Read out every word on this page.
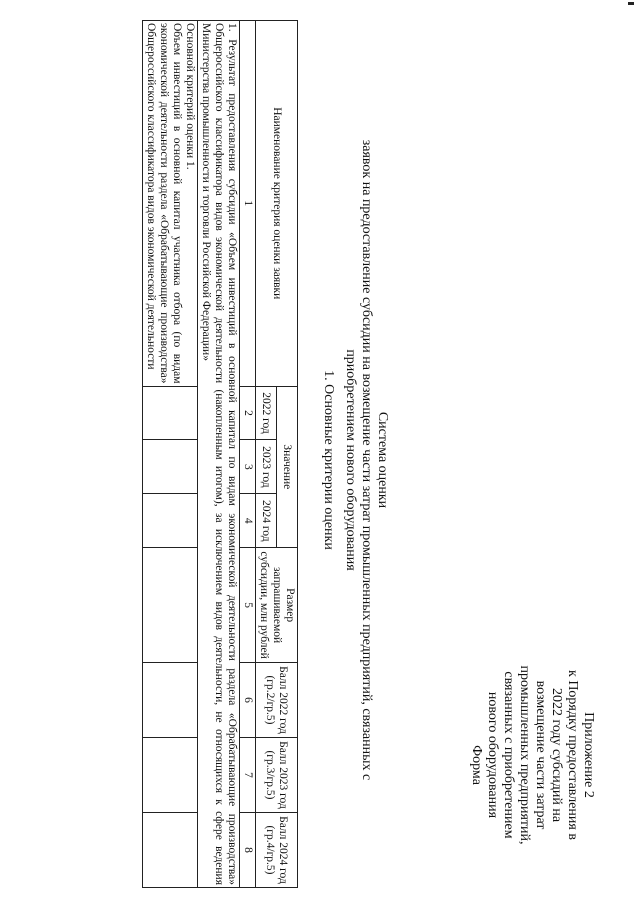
Приложение 2
к Порядку предоставления в
2022 году субсидий на
возмещение части затрат
промышленных предприятий,
связанных с приобретением
нового оборудования
Форма
Система оценки
заявок на предоставление субсидии на возмещение части затрат промышленных предприятий, связанных с
приобретением нового оборудования
1. Основные критерии оценки
Наименование критерия оценки заявки	Значение			Размер запрашиваемой субсидии, млн рублей	Балл 2022 год (гр.2/гр.5)	Балл 2023 год (гр.3/гр.5)	Балл 2024 год (гр.4/гр.5)
	2022 год	2023 год	2024 год				
1	2	3	4	5	6	7	8
1. Результат предоставления субсидии «Объем инвестиций в основной капитал по видам экономической деятельности раздела «Обрабатывающие производства» Общероссийского классификатора видов экономической деятельности (накопленным итогом), за исключением видов деятельности, не относящихся к сфере ведения Министерства промышленности и торговли Российской Федерации»							

Основной критерий оценки 1.
Объем инвестиций в основной капитал участника отбора (по видам экономической деятельности раздела «Обрабатывающие производства» Общероссийского классификатора видов экономической деятельности							
